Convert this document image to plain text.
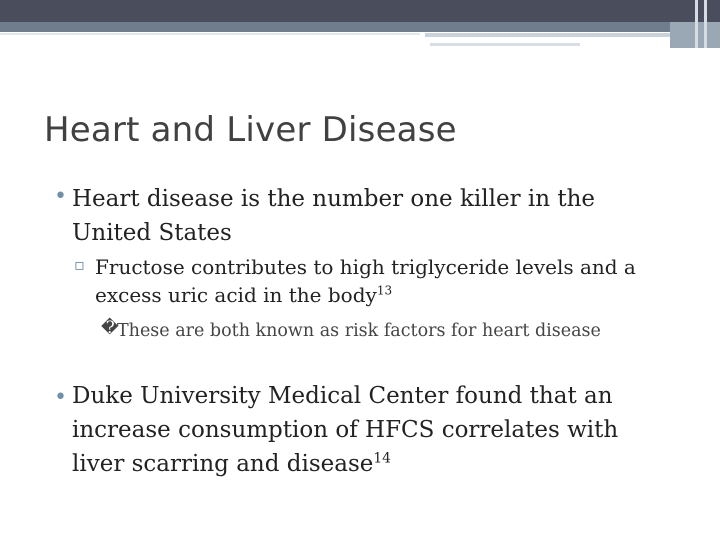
Heart and Liver Disease
• Heart disease is the number one killer in the United States
▫ Fructose contributes to high triglyceride levels and a excess uric acid in the body$^{13}$
�
These are both known as risk factors for heart disease
• Duke University Medical Center found that an increase consumption of HFCS correlates with liver scarring and disease$^{14}$
